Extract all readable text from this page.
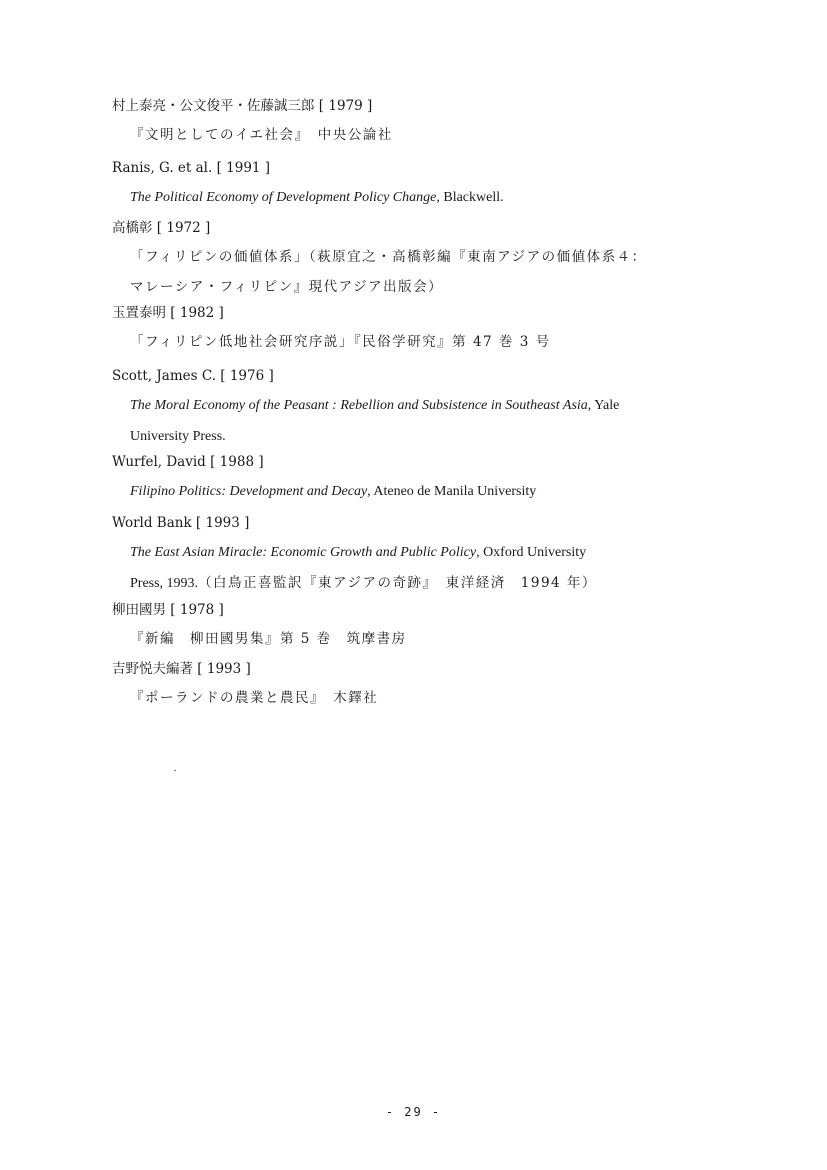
村上泰亮・公文俊平・佐藤誠三郎 [ 1979 ]
『文明としてのイエ社会』　中央公論社
Ranis, G. et al. [ 1991 ]
The Political Economy of Development Policy Change, Blackwell.
高橋彰 [ 1972 ]
「フィリピンの価値体系」（萩原宜之・高橋彰編『東南アジアの価値体系４：
マレーシア・フィリピン』現代アジア出版会）
玉置泰明 [ 1982 ]
「フィリピン低地社会研究序説」『民俗学研究』第 47 巻 3 号
Scott, James C. [ 1976 ]
The Moral Economy of the Peasant : Rebellion and Subsistence in Southeast Asia, Yale
University Press.
Wurfel, David [ 1988 ]
Filipino Politics: Development and Decay, Ateneo de Manila University
World Bank [ 1993 ]
The East Asian Miracle: Economic Growth and Public Policy, Oxford University
Press, 1993.（白鳥正喜監訳『東アジアの奇跡』　東洋経済　1994 年）
柳田國男 [ 1978 ]
『新編　柳田國男集』第 5 巻　筑摩書房
吉野悦夫編著 [ 1993 ]
『ポーランドの農業と農民』　木鐸社
- 29 -
